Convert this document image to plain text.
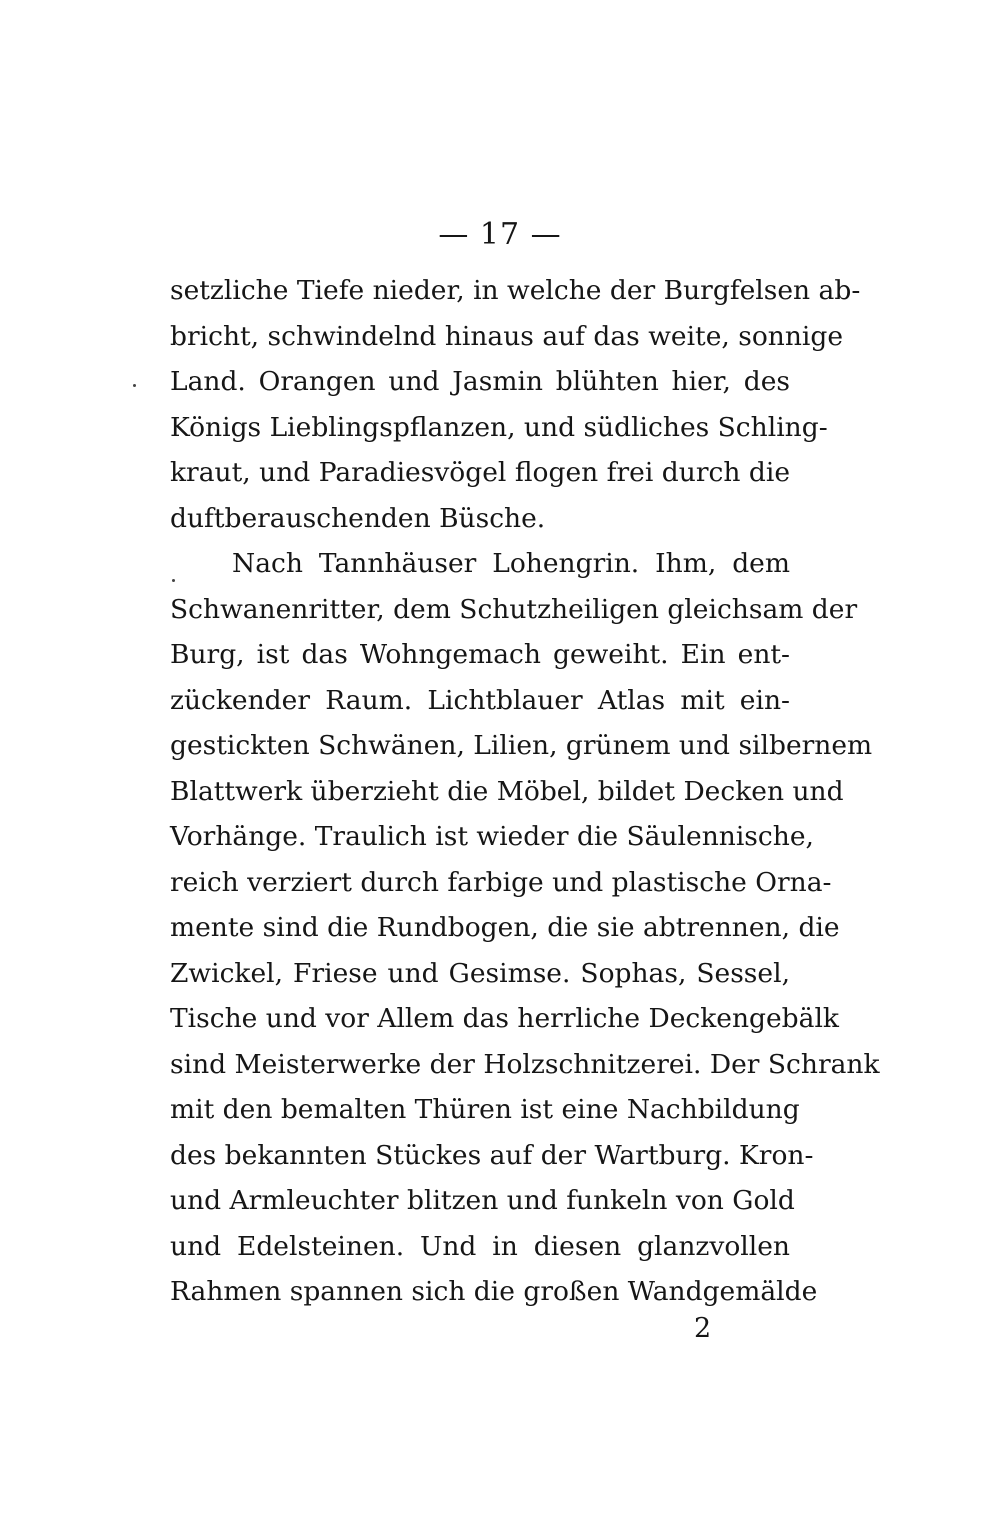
— 17 —
setzliche Tiefe nieder, in welche der Burgfelsen ab-
bricht, schwindelnd hinaus auf das weite, sonnige
Land. Orangen und Jasmin blühten hier, des
Königs Lieblingspflanzen, und südliches Schling-
kraut, und Paradiesvögel flogen frei durch die
duftberauschenden Büsche.
Nach Tannhäuser Lohengrin. Ihm, dem
Schwanenritter, dem Schutzheiligen gleichsam der
Burg, ist das Wohngemach geweiht. Ein ent-
zückender Raum. Lichtblauer Atlas mit ein-
gestickten Schwänen, Lilien, grünem und silbernem
Blattwerk überzieht die Möbel, bildet Decken und
Vorhänge. Traulich ist wieder die Säulennische,
reich verziert durch farbige und plastische Orna-
mente sind die Rundbogen, die sie abtrennen, die
Zwickel, Friese und Gesimse. Sophas, Sessel,
Tische und vor Allem das herrliche Deckengebälk
sind Meisterwerke der Holzschnitzerei. Der Schrank
mit den bemalten Thüren ist eine Nachbildung
des bekannten Stückes auf der Wartburg. Kron-
und Armleuchter blitzen und funkeln von Gold
und Edelsteinen. Und in diesen glanzvollen
Rahmen spannen sich die großen Wandgemälde
2
